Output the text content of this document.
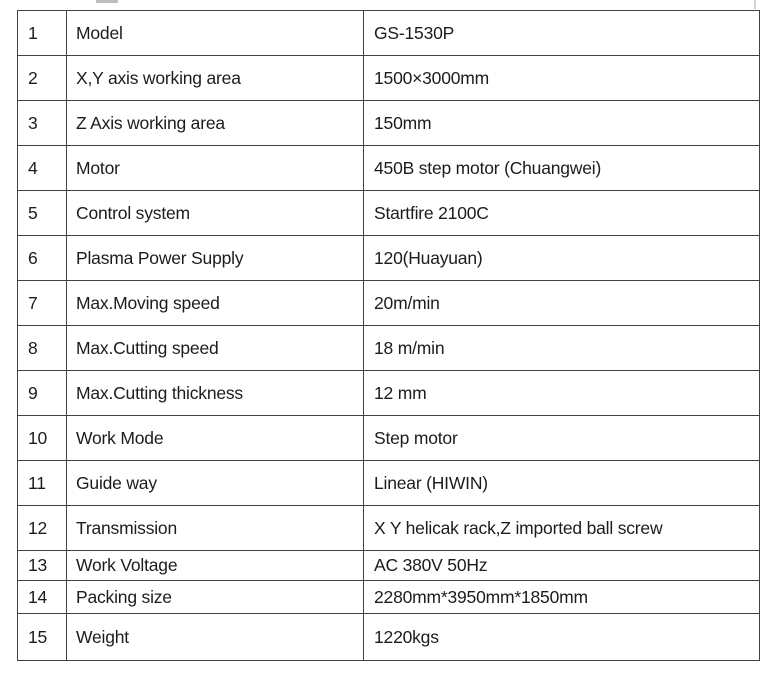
1	Model	GS-1530P
2	X,Y axis working area	1500×3000mm
3	Z Axis working area	150mm
4	Motor	450B step motor (Chuangwei)
5	Control system	Startfire 2100C
6	Plasma Power Supply	120(Huayuan)
7	Max.Moving speed	20m/min
8	Max.Cutting speed	18 m/min
9	Max.Cutting thickness	12 mm
10	Work Mode	Step motor
11	Guide way	Linear (HIWIN)
12	Transmission	X Y helicak rack,Z imported ball screw
13	Work Voltage	AC 380V 50Hz
14	Packing size	2280mm*3950mm*1850mm
15	Weight	1220kgs
